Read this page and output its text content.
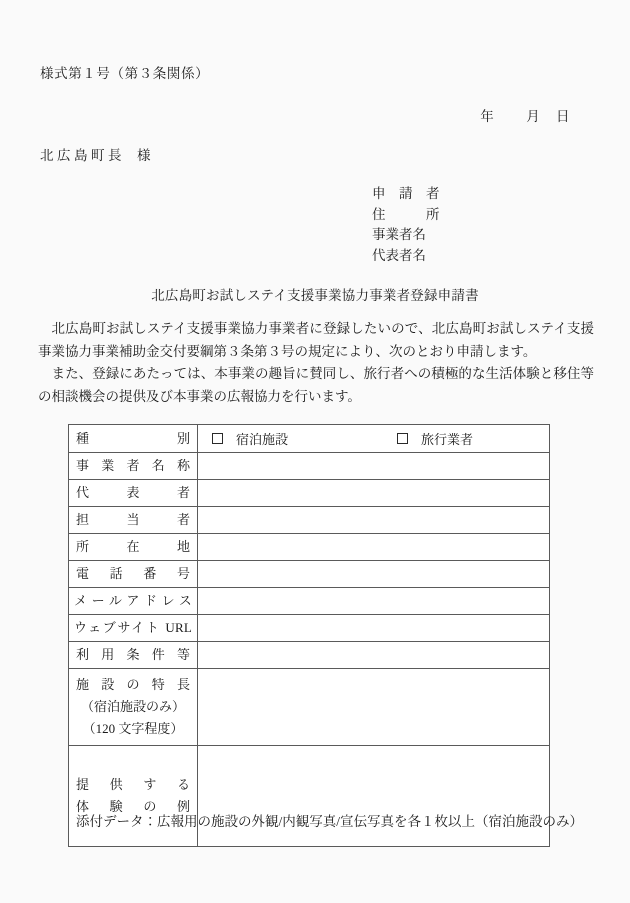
様式第１号（第３条関係）
年 月 日
北広島町長 様
申　請　者
住　　　所
事業者名
代表者名
北広島町お試しステイ支援事業協力事業者登録申請書

北広島町お試しステイ支援事業協力事業者に登録したいので、北広島町お試しステイ支援事業協力事業補助金交付要綱第３条第３号の規定により、次のとおり申請します。

また、登録にあたっては、本事業の趣旨に賛同し、旅行者への積極的な生活体験と移住等の相談機会の提供及び本事業の広報協力を行います。

種別	宿泊施設 旅行業者

事業者名称	

代表者	

担当者	

所在地	

電話番号	

メールアドレス	

ウェブサイト URL	

利用条件等	

施設の特長
（宿泊施設のみ）
（120 文字程度）	

提供する
体験の例	

添付データ：広報用の施設の外観/内観写真/宣伝写真を各１枚以上（宿泊施設のみ）
